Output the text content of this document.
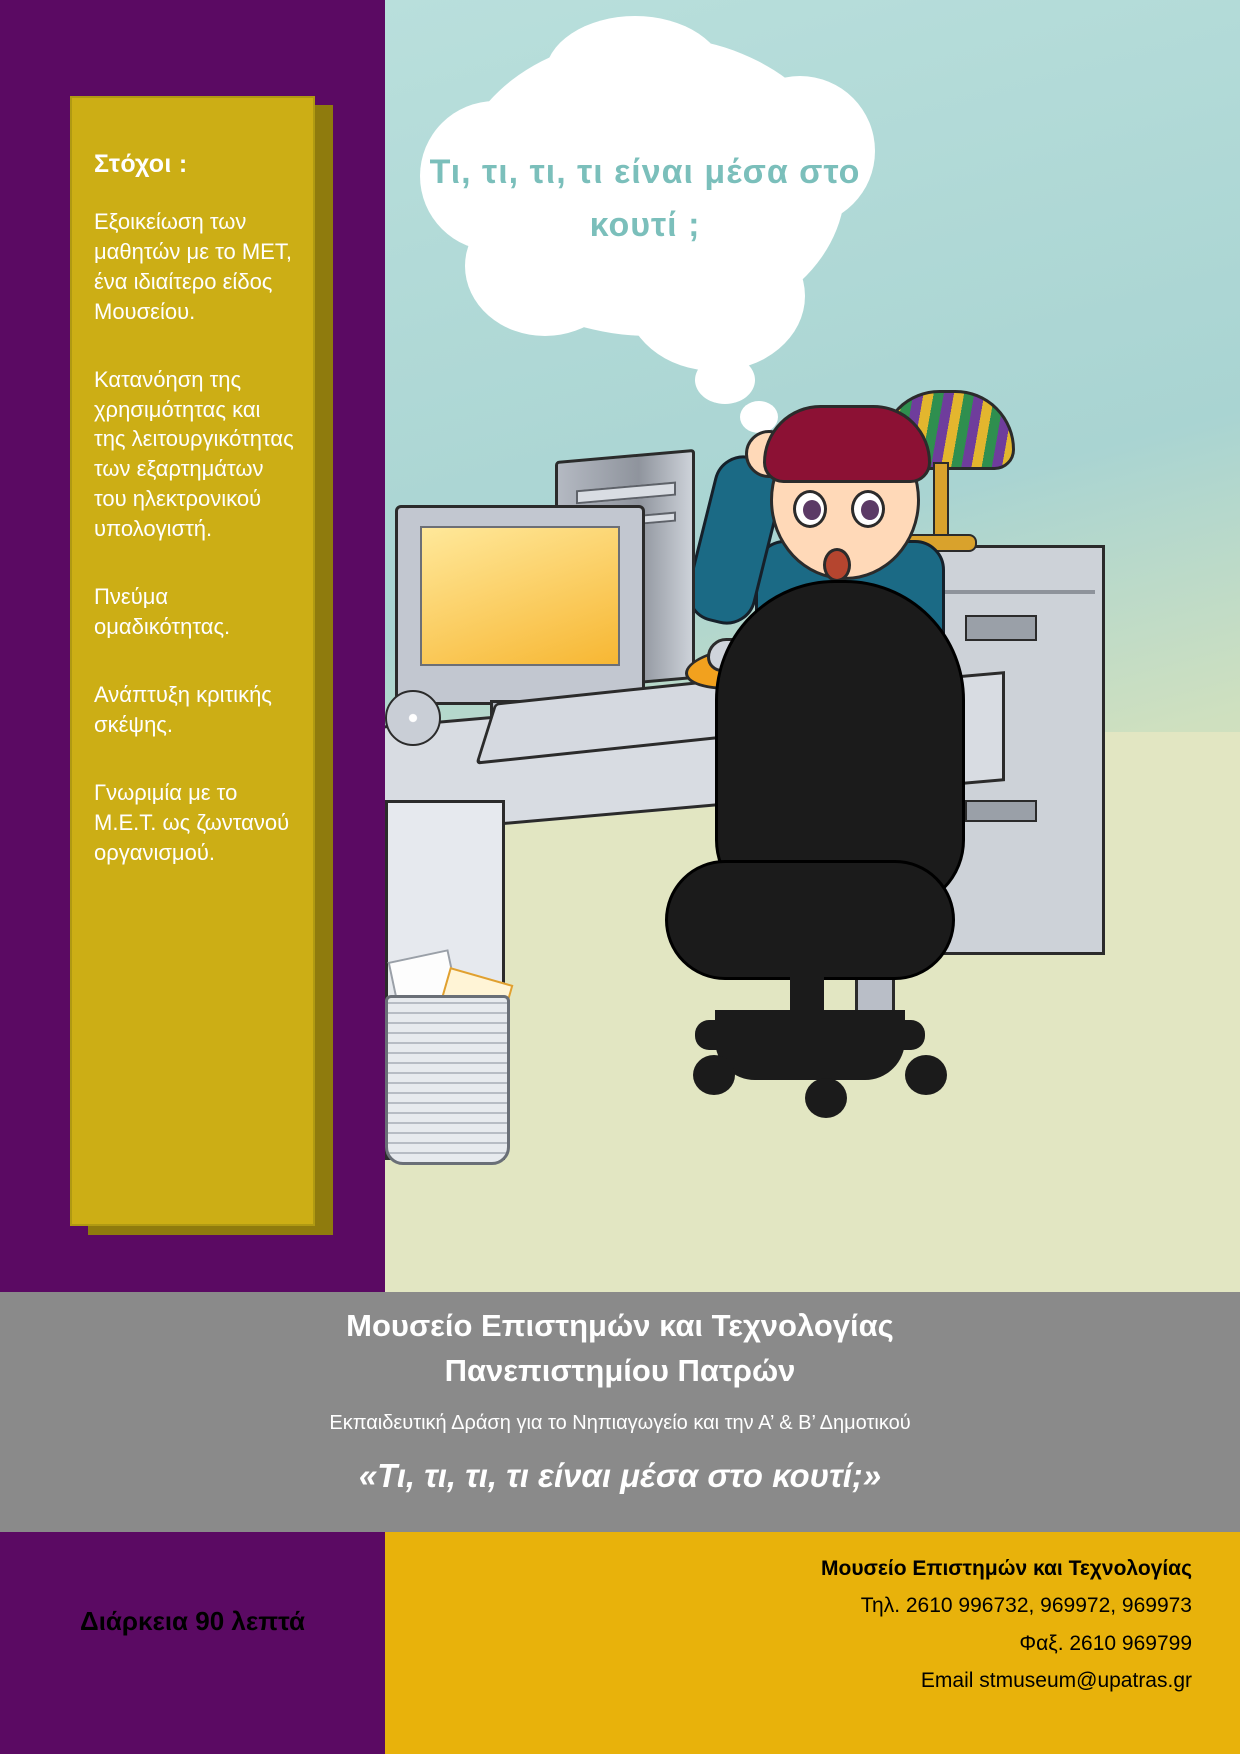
Τι, τι, τι, τι είναι μέσα στο κουτί ;
Στόχοι :

Εξοικείωση των μαθητών με το ΜΕΤ, ένα ιδιαίτερο είδος Μουσείου.

Κατανόηση της χρησιμότητας και της λειτουργικότητας των εξαρτημάτων του ηλεκτρονικού υπολογιστή.

Πνεύμα ομαδικότητας.

Ανάπτυξη κριτικής σκέψης.

Γνωριμία με το Μ.Ε.Τ. ως ζωντανού οργανισμού.

Μουσείο Επιστημών και Τεχνολογίας
Πανεπιστημίου Πατρών
Εκπαιδευτική Δράση για το Νηπιαγωγείο και την Α’ & Β’ Δημοτικού
«Τι, τι, τι, τι είναι μέσα στο κουτί;»
Διάρκεια 90 λεπτά
Μουσείο Επιστημών και Τεχνολογίας
Τηλ. 2610 996732, 969972, 969973
Φαξ. 2610 969799
Email stmuseum@upatras.gr
